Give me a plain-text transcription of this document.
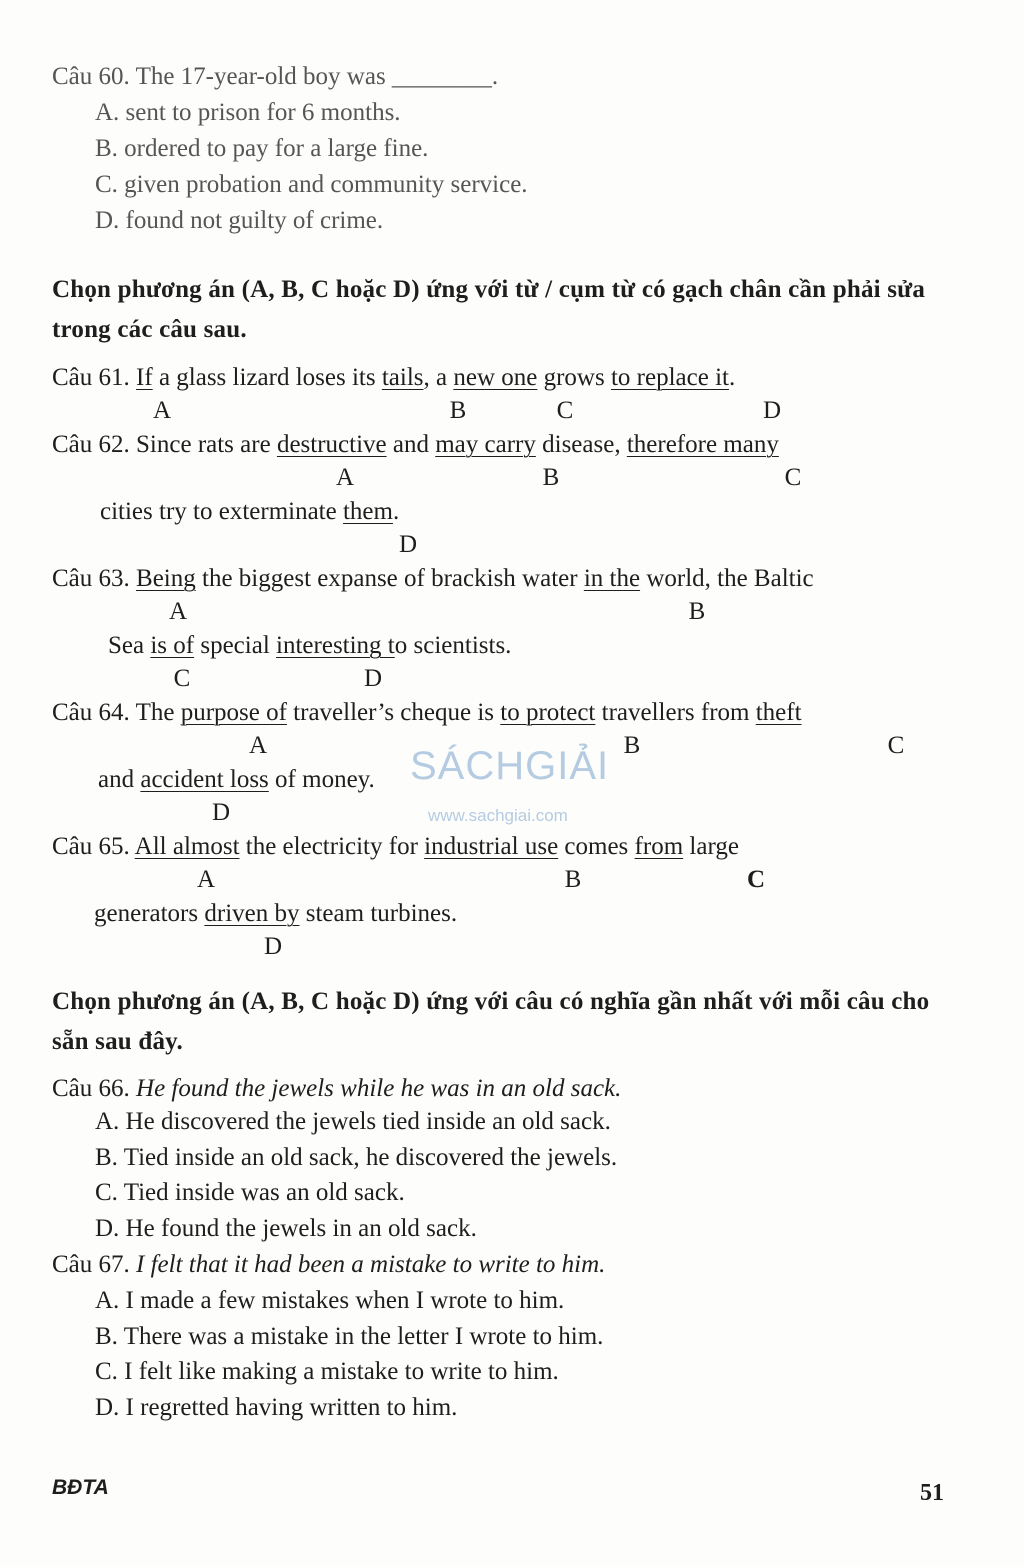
Câu 60. The 17-year-old boy was ________.
A. sent to prison for 6 months.
B. ordered to pay for a large fine.
C. given probation and community service.
D. found not guilty of crime.
Chọn phương án (A, B, C hoặc D) ứng với từ / cụm từ có gạch chân cần phải sửa trong các câu sau.
Câu 61. If a glass lizard loses its tails, a new one grows to replace it.
A	B	C	D
Câu 62. Since rats are destructive and may carry disease, therefore many
A	B	C
cities try to exterminate them.
D
Câu 63. Being the biggest expanse of brackish water in the world, the Baltic
A	B
Sea is of special interesting to scientists.
C	D
Câu 64. The purpose of traveller’s cheque is to protect travellers from theft
A	B	C
and accident loss of money.
D
SÁCHGIẢI
www.sachgiai.com
Câu 65. All almost the electricity for industrial use comes from large
A	B	C
generators driven by steam turbines.
D
Chọn phương án (A, B, C hoặc D) ứng với câu có nghĩa gần nhất với mỗi câu cho sẵn sau đây.
Câu 66. He found the jewels while he was in an old sack.
A. He discovered the jewels tied inside an old sack.
B. Tied inside an old sack, he discovered the jewels.
C. Tied inside was an old sack.
D. He found the jewels in an old sack.
Câu 67. I felt that it had been a mistake to write to him.
A. I made a few mistakes when I wrote to him.
B. There was a mistake in the letter I wrote to him.
C. I felt like making a mistake to write to him.
D. I regretted having written to him.
BĐTA	51
